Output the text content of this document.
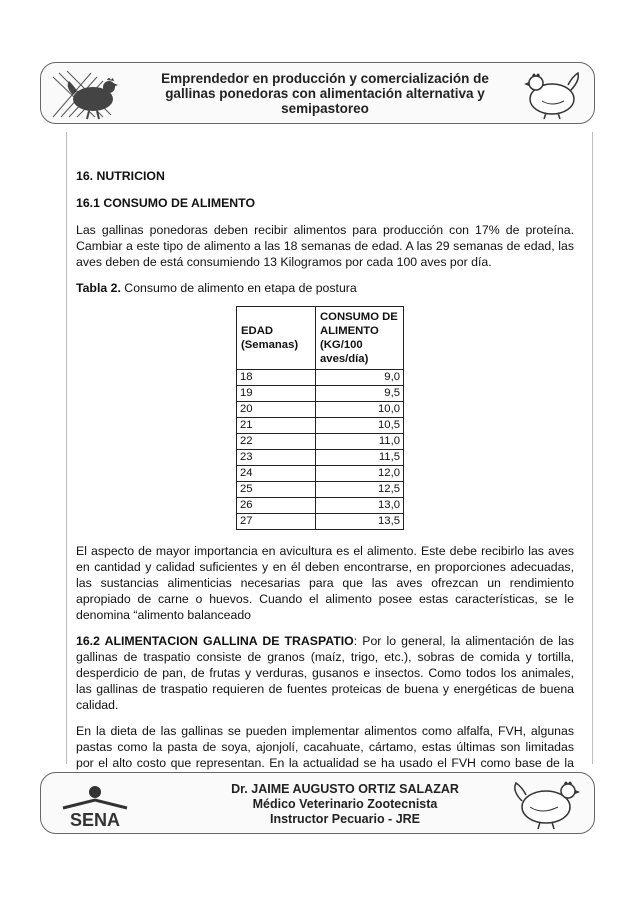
Emprendedor en producción y comercialización de
gallinas ponedoras con alimentación alternativa y
semipastoreo
16. NUTRICION
16.1 CONSUMO DE ALIMENTO

Las gallinas ponedoras deben recibir alimentos para producción con 17% de proteína. Cambiar a este tipo de alimento a las 18 semanas de edad. A las 29 semanas de edad, las aves deben de está consumiendo 13 Kilogramos por cada 100 aves por día.

Tabla 2. Consumo de alimento en etapa de postura

EDAD (Semanas)	CONSUMO DE ALIMENTO (KG/100 aves/día)
18	9,0
19	9,5
20	10,0
21	10,5
22	11,0
23	11,5
24	12,0
25	12,5
26	13,0
27	13,5

El aspecto de mayor importancia en avicultura es el alimento. Este debe recibirlo las aves en cantidad y calidad suficientes y en él deben encontrarse, en proporciones adecuadas, las sustancias alimenticias necesarias para que las aves ofrezcan un rendimiento apropiado de carne o huevos. Cuando el alimento posee estas características, se le denomina “alimento balanceado

16.2 ALIMENTACION GALLINA DE TRASPATIO: Por lo general, la alimentación de las gallinas de traspatio consiste de granos (maíz, trigo, etc.), sobras de comida y tortilla, desperdicio de pan, de frutas y verduras, gusanos e insectos. Como todos los animales, las gallinas de traspatio requieren de fuentes proteicas de buena y energéticas de buena calidad.

En la dieta de las gallinas se pueden implementar alimentos como alfalfa, FVH, algunas pastas como la pasta de soya, ajonjolí, cacahuate, cártamo, estas últimas son limitadas por el alto costo que representan. En la actualidad se ha usado el FVH como base de la

SENA
Dr. JAIME AUGUSTO ORTIZ SALAZAR
Médico Veterinario Zootecnista
Instructor Pecuario - JRE
